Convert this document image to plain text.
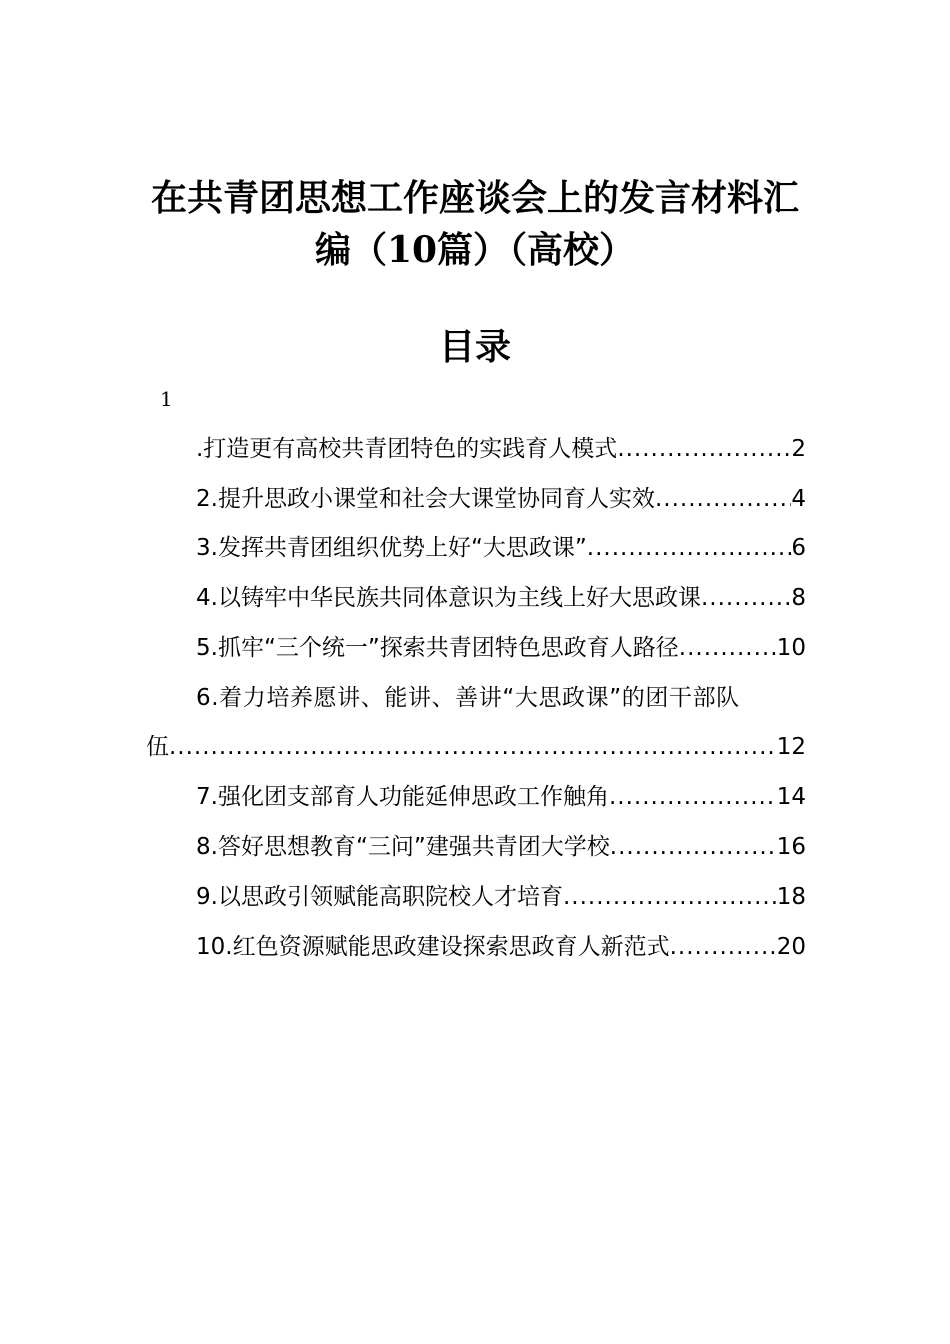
在共青团思想工作座谈会上的发言材料汇
编（10篇）（高校）
目录
1
.打造更有高校共青团特色的实践育人模式 .....	2
2.提升思政小课堂和社会大课堂协同育人实效 .....	4
3.发挥共青团组织优势上好“大思政课” .....	6
4.以铸牢中华民族共同体意识为主线上好大思政课 .....	8
5.抓牢“三个统一”探索共青团特色思政育人路径 .....	10
6.着力培养愿讲、能讲、善讲“大思政课”的团干部队
伍 .....	12
7.强化团支部育人功能延伸思政工作触角 .....	14
8.答好思想教育“三问”建强共青团大学校 .....	16
9.以思政引领赋能高职院校人才培育 .....	18
10.红色资源赋能思政建设探索思政育人新范式 .....	20
